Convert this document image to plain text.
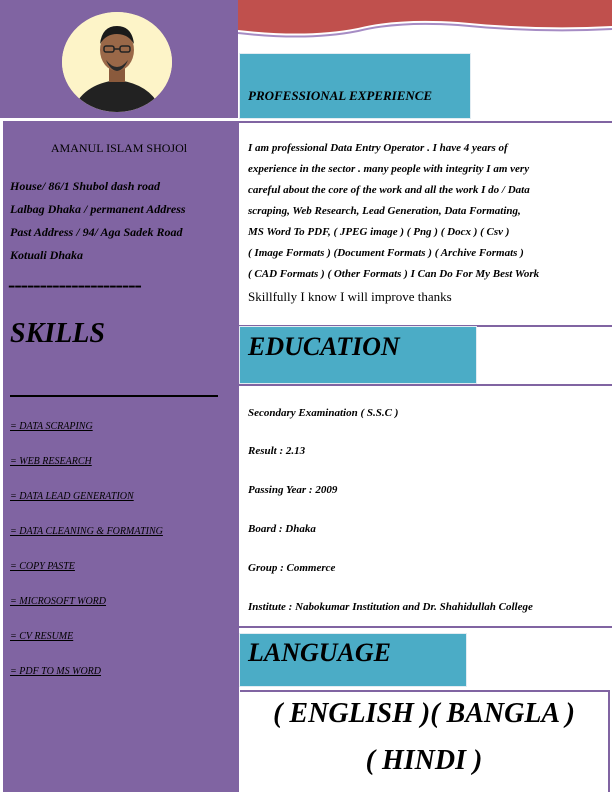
AMANUL ISLAM SHOJOl
House/ 86/1 Shubol dash road
Lalbag Dhaka / permanent Address
Past Address / 94/ Aga Sadek Road
Kotuali Dhaka
---------------------
SKILLS
= DATA SCRAPING
= WEB RESEARCH
= DATA LEAD GENERATION
= DATA CLEANING & FORMATING
= COPY PASTE
= MICROSOFT WORD
= CV RESUME
= PDF TO MS WORD
PROFESSIONAL EXPERIENCE
I am professional Data Entry Operator . I have 4 years of
experience in the sector . many people with integrity I am very
careful about the core of the work and all the work I do / Data
scraping, Web Research, Lead Generation, Data Formating,
MS Word To PDF, ( JPEG image ) ( Png ) ( Docx ) ( Csv )
( Image Formats ) (Document Formats ) ( Archive Formats )
( CAD Formats ) ( Other Formats ) I Can Do For My Best Work
Skillfully I know I will improve thanks
EDUCATION
Secondary Examination ( S.S.C )
Result : 2.13
Passing Year : 2009
Board : Dhaka
Group : Commerce
Institute : Nabokumar Institution and Dr. Shahidullah College
LANGUAGE
( ENGLISH )( BANGLA )
( HINDI )
